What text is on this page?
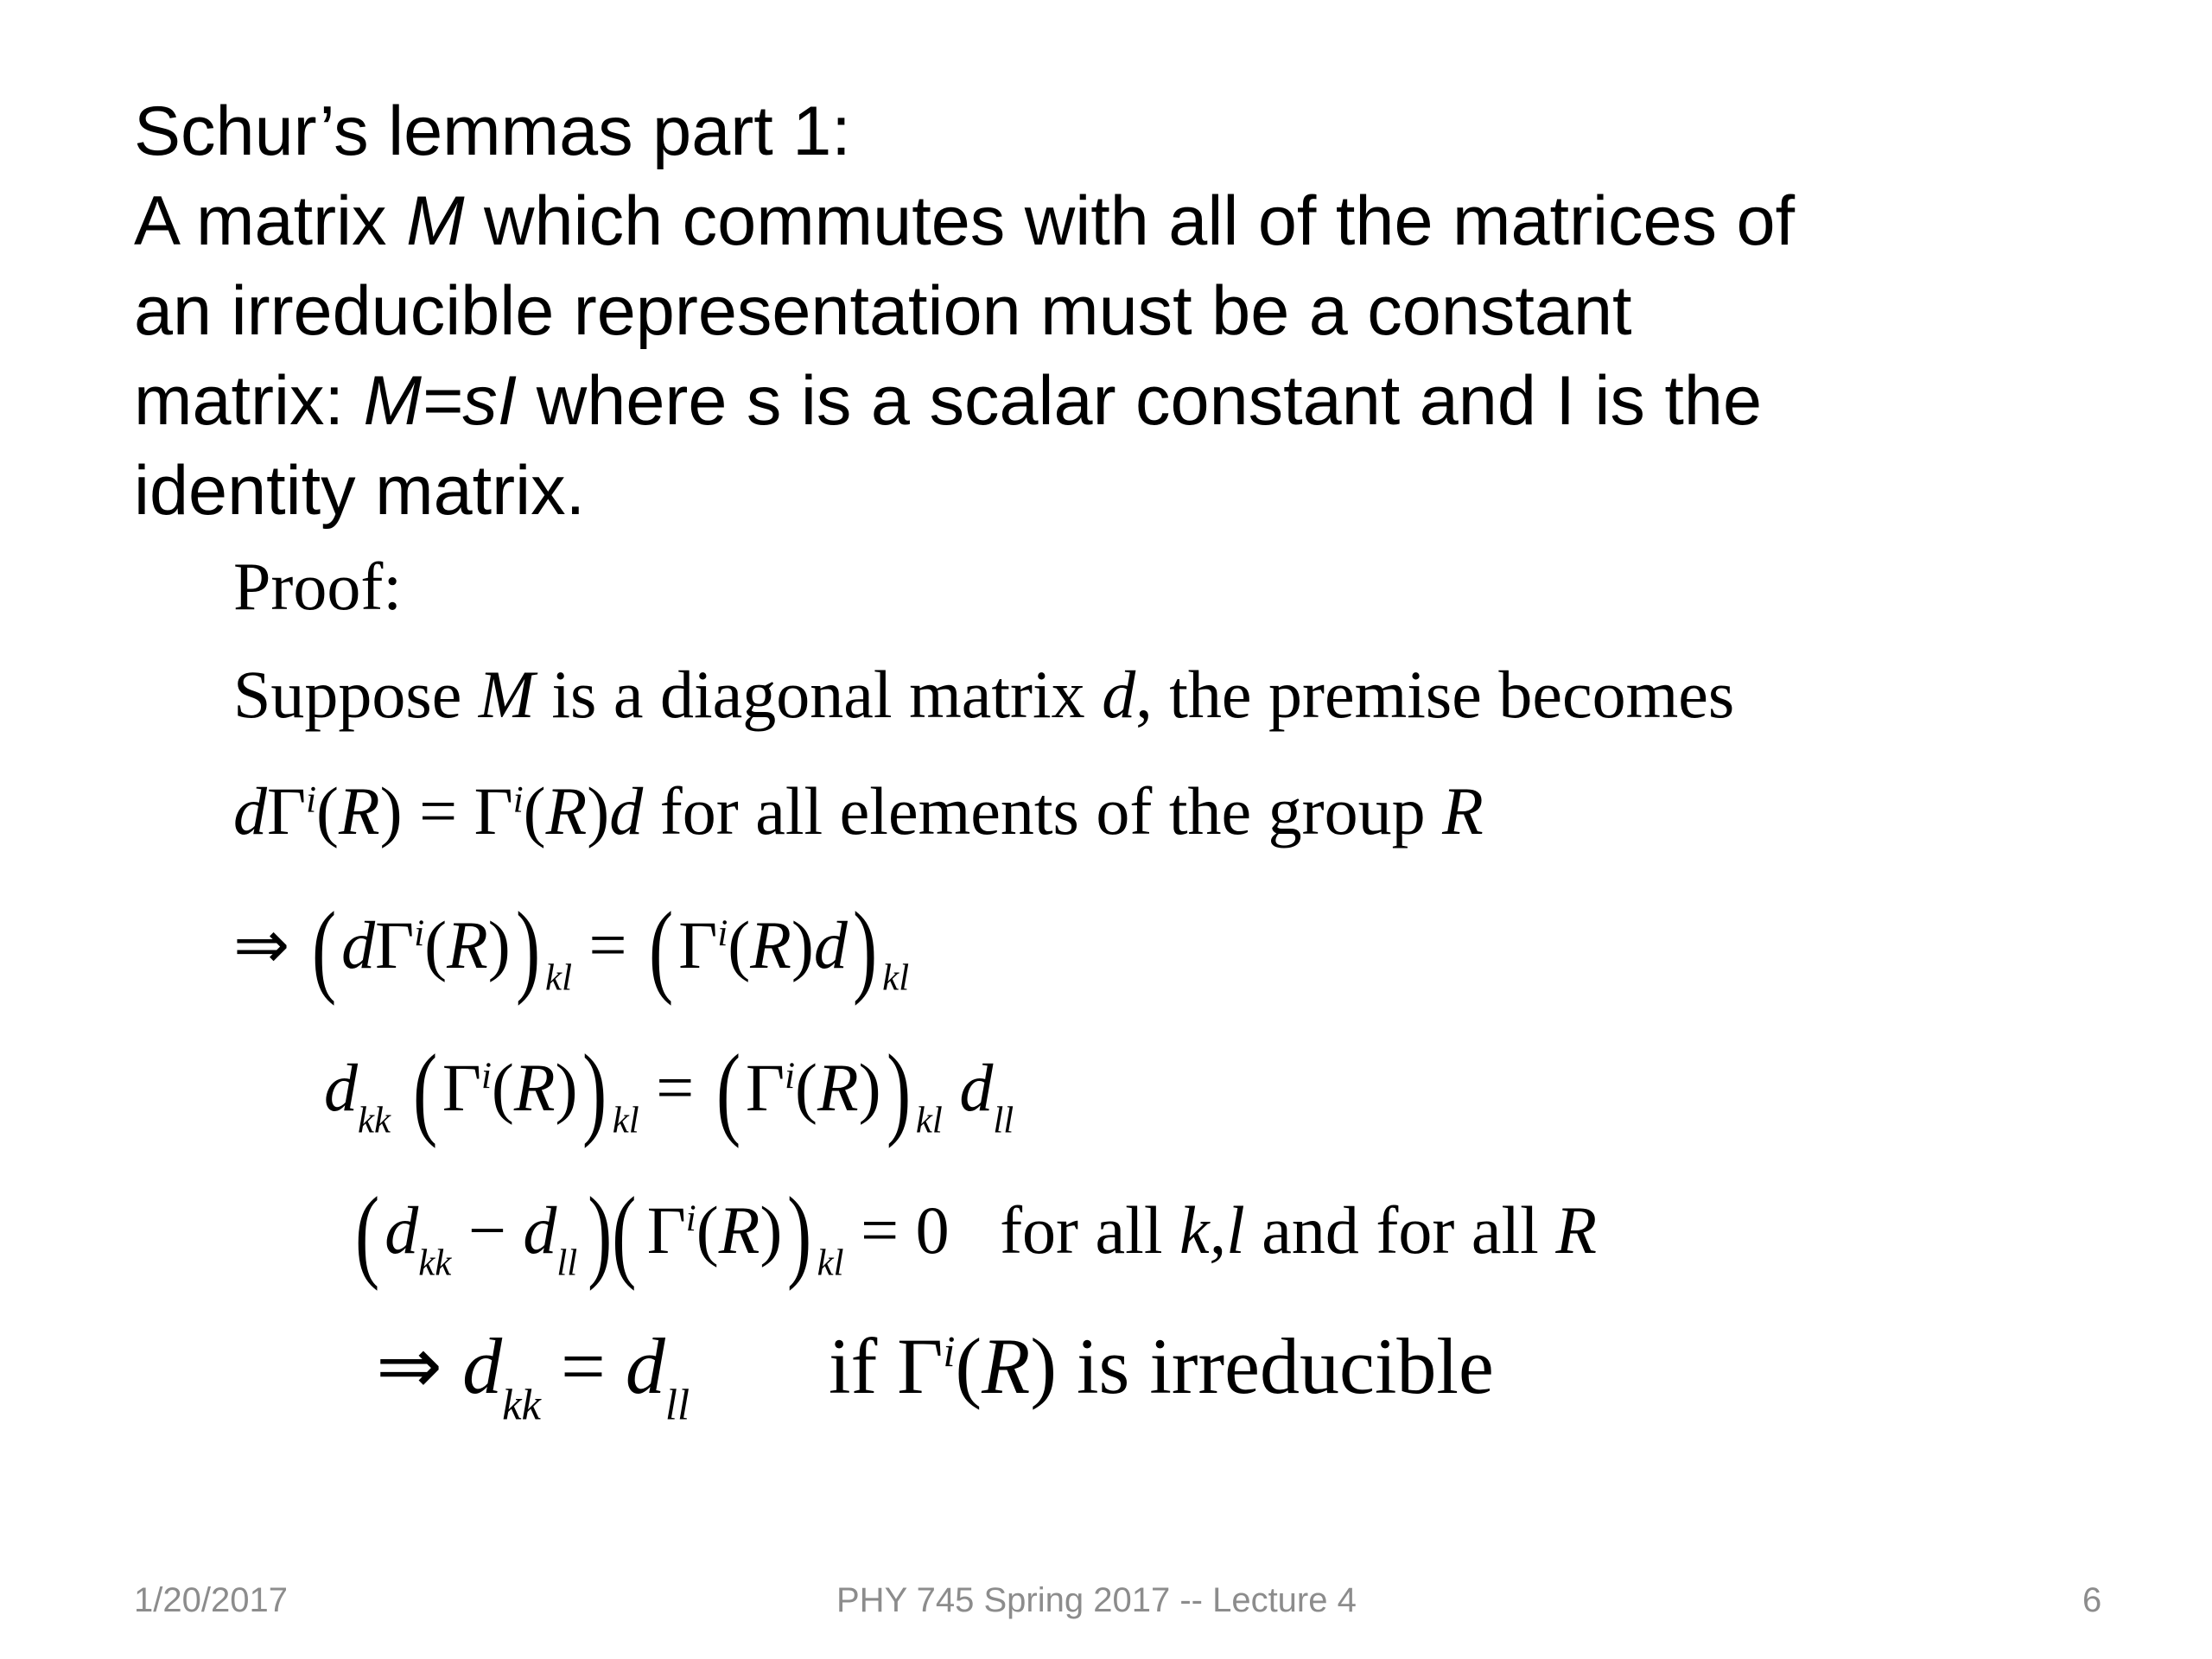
Schur’s lemmas part 1:

A matrix M which commutes with all of the matrices of

an irreducible representation must be a constant

matrix: M=sI where s is a scalar constant and I is the

identity matrix.

Proof:
Suppose M is a diagonal matrix d, the premise becomes
$d\Gamma^i(R) = \Gamma^i(R)d$ for all elements of the group R
⇒ $(d\Gamma^i(R)) _{kl} = (\Gamma^i(R)d)$ $_{kl}$
$d_{kk}$ $(\Gamma^i(R)) _{kl} = (\Gamma^i(R))$ $_{kl}$ $d_{ll}$
$(d_{kk} - d_{ll})$( $\Gamma^i(R)$) $_{kl}$ = 0   for all k,l and for all R
⇒ $d_{kk} = d_{ll}$ if $\Gamma^i(R)$ is irreducible
1/20/2017	PHY 745 Spring 2017 -- Lecture 4	6
